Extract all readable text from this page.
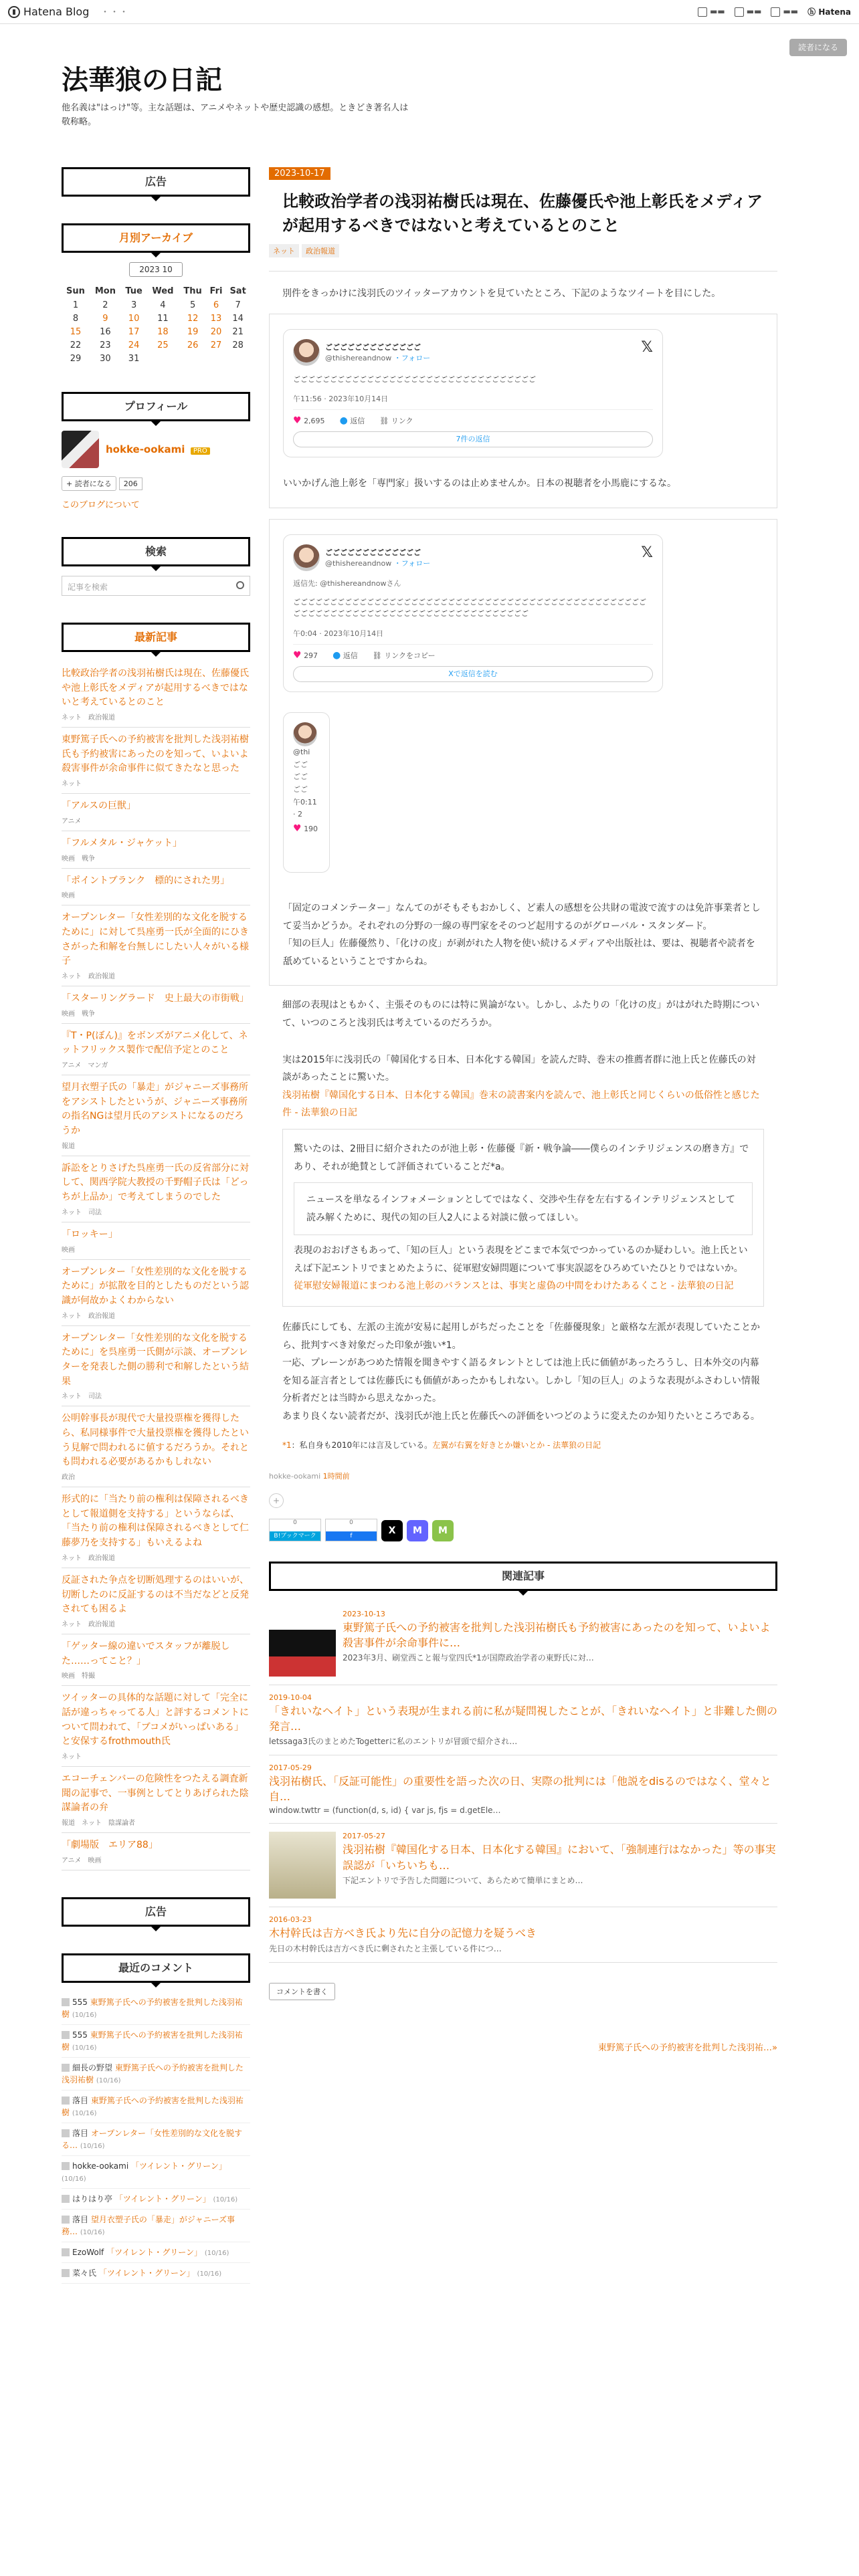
Hatena Blog ・・・	▬▬	▬▬	▬▬ ⓗ Hatena
法華狼の日記
他名義は"はっけ"等。主な話題は、アニメやネットや歴史認識の感想。ときどき著名人は敬称略。
読者になる
広告
月別アーカイブ
2023 10
Sun	Mon	Tue	Wed	Thu	Fri	Sat
1	2	3	4	5	6	7
8	9	10	11	12	13	14
15	16	17	18	19	20	21
22	23	24	25	26	27	28
29	30	31				
プロフィール
hokke-ookami PRO
+ 読者になる 206
このブログについて
検索
記事を検索
最新記事
比較政治学者の浅羽祐樹氏は現在、佐藤優氏や池上彰氏をメディアが起用するべきではないと考えているとのこと
ネット　政治報道
東野篤子氏への予約被害を批判した浅羽祐樹氏も予約被害にあったのを知って、いよいよ殺害事件が余命事件に似てきたなと思った
ネット
「アルスの巨獣」
アニメ
「フルメタル・ジャケット」
映画　戦争
「ポイントブランク　標的にされた男」
映画
オープンレター「女性差別的な文化を脱するために」に対して呉座勇一氏が全面的にひきさがった和解を台無しにしたい人々がいる様子
ネット　政治報道
「スターリングラード　史上最大の市街戦」
映画　戦争
『T・P(ぼん)』をボンズがアニメ化して、ネットフリックス製作で配信予定とのこと
アニメ　マンガ
望月衣塑子氏の「暴走」がジャニーズ事務所をアシストしたというが、ジャニーズ事務所の指名NGは望月氏のアシストになるのだろうか
報道
訴訟をとりさげた呉座勇一氏の反省部分に対して、関西学院大教授の千野帽子氏は「どっちが上品か」で考えてしまうのでした
ネット　司法
「ロッキー」
映画
オープンレター「女性差別的な文化を脱するために」が拡散を目的としたものだという認識が何故かよくわからない
ネット　政治報道
オープンレター「女性差別的な文化を脱するために」を呉座勇一氏側が示談、オープンレターを発表した側の勝利で和解したという結果
ネット　司法
公明幹事長が現代で大量投票権を獲得したら、私同様事件で大量投票権を獲得したという見解で問われるに値するだろうか。それとも問われる必要があるかもしれない
政治
形式的に「当たり前の権利は保障されるべきとして報道側を支持する」というならば、「当たり前の権利は保障されるべきとして仁藤夢乃を支持する」もいえるよね
ネット　政治報道
反証された争点を切断処理するのはいいが、切断したのに反証するのは不当だなどと反発されても困るよ
ネット　政治報道
「ゲッター線の違いでスタッフが離脱した……ってこと？」
映画　特撮
ツイッターの具体的な話題に対して「完全に話が違っちゃってる人」と評するコメントについて問われて、「ブコメがいっぱいある」と安保するfrothmouth氏
ネット
エコーチェンバーの危険性をつたえる調査新聞の記事で、一事例としてとりあげられた陰謀論者の弁
報道　ネット　陰謀論者
「劇場版　エリア88」
アニメ　映画
広告
最近のコメント
555 東野篤子氏への予約被害を批判した浅羽祐樹 (10/16)
555 東野篤子氏への予約被害を批判した浅羽祐樹 (10/16)
細長の野望 東野篤子氏への予約被害を批判した浅羽祐樹 (10/16)
落目 東野篤子氏への予約被害を批判した浅羽祐樹 (10/16)
落目 オープンレター「女性差別的な文化を脱する… (10/16)
hokke-ookami 「ツイレント・グリーン」 (10/16)
はりはり亭 「ツイレント・グリーン」 (10/16)
落目 望月衣塑子氏の「暴走」がジャニーズ事務… (10/16)
EzoWolf 「ツイレント・グリーン」 (10/16)
菜々氏 「ツイレント・グリーン」 (10/16)
2023-10-17
比較政治学者の浅羽祐樹氏は現在、佐藤優氏や池上彰氏をメディアが起用するべきではないと考えているとのこと
ネット	政治報道

別件をきっかけに浅羽氏のツイッターアカウントを見ていたところ、下記のようなツイートを目にした。

ごごごごごごごごごごごごご
@thishereandnow ・フォロー
𝕏
ごごごごごごごごごごごごごごごごごごごごごごごごごごごごごごごごご
午11:56 · 2023年10月14日
♥ 2,695 ● 返信 ⛓ リンク
7件の返信

いいかげん池上彰を「専門家」扱いするのは止めませんか。日本の視聴者を小馬鹿にするな。

ごごごごごごごごごごごごご
@thishereandnow ・フォロー
𝕏
返信先: @thishereandnowさん
ごごごごごごごごごごごごごごごごごごごごごごごごごごごごごごごごごごごごごごごごごごごごごごごごごごごごごごごごごごごごごごごごごごごごごごごごごごごごごごごご
午0:04 · 2023年10月14日
♥ 297 ● 返信 ⛓ リンクをコピー
Xで返信を読む
@thi
ごご
ごご
ごご
午0:11 · 2
♥ 190

「固定のコメンテーター」なんてのがそもそもおかしく、ど素人の感想を公共財の電波で流すのは免許事業者として妥当かどうか。それぞれの分野の一線の専門家をそのつど起用するのがグローバル・スタンダード。

「知の巨人」佐藤優然り、「化けの皮」が剥がれた人物を使い続けるメディアや出版社は、要は、視聴者や読者を舐めているということですからね。

細部の表現はともかく、主張そのものには特に異論がない。しかし、ふたりの「化けの皮」がはがれた時期について、いつのころと浅羽氏は考えているのだろうか。

実は2015年に浅羽氏の「韓国化する日本、日本化する韓国」を読んだ時、巻末の推薦者群に池上氏と佐藤氏の対談があったことに驚いた。

浅羽祐樹『韓国化する日本、日本化する韓国』巻末の読書案内を読んで、池上彰氏と同じくらいの低俗性と感じた件 - 法華狼の日記

驚いたのは、2冊目に紹介されたのが池上彰・佐藤優『新・戦争論――僕らのインテリジェンスの磨き方』であり、それが絶賛として評価されていることだ*a。

ニュースを単なるインフォメーションとしてではなく、交渉や生存を左右するインテリジェンスとして読み解くために、現代の知の巨人2人による対談に倣ってほしい。

表現のおおげさもあって、「知の巨人」という表現をどこまで本気でつかっているのか疑わしい。池上氏といえば下記エントリでまとめたように、従軍慰安婦問題について事実誤認をひろめていたひとりではないか。

従軍慰安婦報道にまつわる池上彰のバランスとは、事実と虚偽の中間をわけたあるくこと - 法華狼の日記

佐藤氏にしても、左派の主流が安易に起用しがちだったことを「佐藤優現象」と厳格な左派が表現していたことから、批判すべき対象だった印象が強い*1。

一応、プレーンがあつめた情報を聞きやすく語るタレントとしては池上氏に価値があったろうし、日本外交の内幕を知る証言者としては佐藤氏にも価値があったかもしれない。しかし「知の巨人」のような表現がふさわしい情報分析者だとは当時から思えなかった。

あまり良くない読者だが、浅羽氏が池上氏と佐藤氏への評価をいつどのように変えたのか知りたいところである。

*1：私自身も2010年には言及している。左翼が右翼を好きとか嫌いとか - 法華狼の日記
hokke-ookami 1時間前
+
0
B!ブックマーク
0
f	X	M	M
関連記事
2023-10-13
東野篤子氏への予約被害を批判した浅羽祐樹氏も予約被害にあったのを知って、いよいよ殺害事件が余命事件に…
2023年3月、刷堂西こと報与堂四氏*1が国際政治学者の東野氏に対…
2019-10-04
「きれいなヘイト」という表現が生まれる前に私が疑問視したことが、「きれいなヘイト」と非難した側の発言…
letssaga3氏のまとめたTogetterに私のエントリが冒頭で紹介され…
2017-05-29
浅羽祐樹氏、「反証可能性」の重要性を語った次の日、実際の批判には「他説をdisるのではなく、堂々と自…
window.twttr = (function(d, s, id) { var js, fjs = d.getEle…
2017-05-27
浅羽祐樹『韓国化する日本、日本化する韓国』において、「強制連行はなかった」等の事実誤認が「いちいちも…
下記エントリで予告した問題について、あらためて簡単にまとめ…
2016-03-23
木村幹氏は吉方べき氏より先に自分の記憶力を疑うべき
先日の木村幹氏は吉方べき氏に剰されたと主張している件につ…
コメントを書く
東野篤子氏への予約被害を批判した浅羽祐…»
